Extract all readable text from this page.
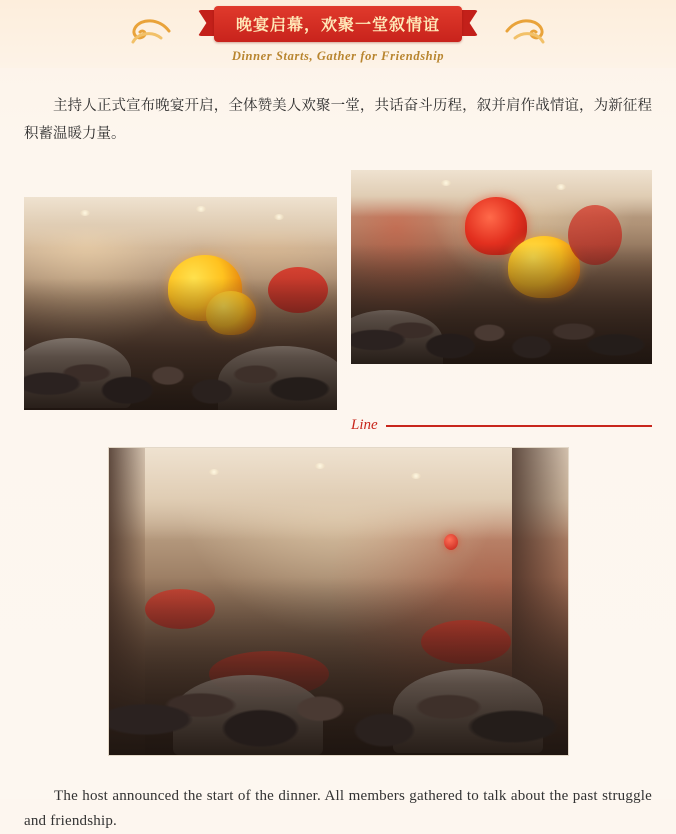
晚宴启幕，欢聚一堂叙情谊
Dinner Starts, Gather for Friendship

主持人正式宣布晚宴开启，全体赞美人欢聚一堂，共话奋斗历程，叙并肩作战情谊，为新征程积蓄温暖力量。

Line

The host announced the start of the dinner. All members gathered to talk about the past struggle and friendship.
